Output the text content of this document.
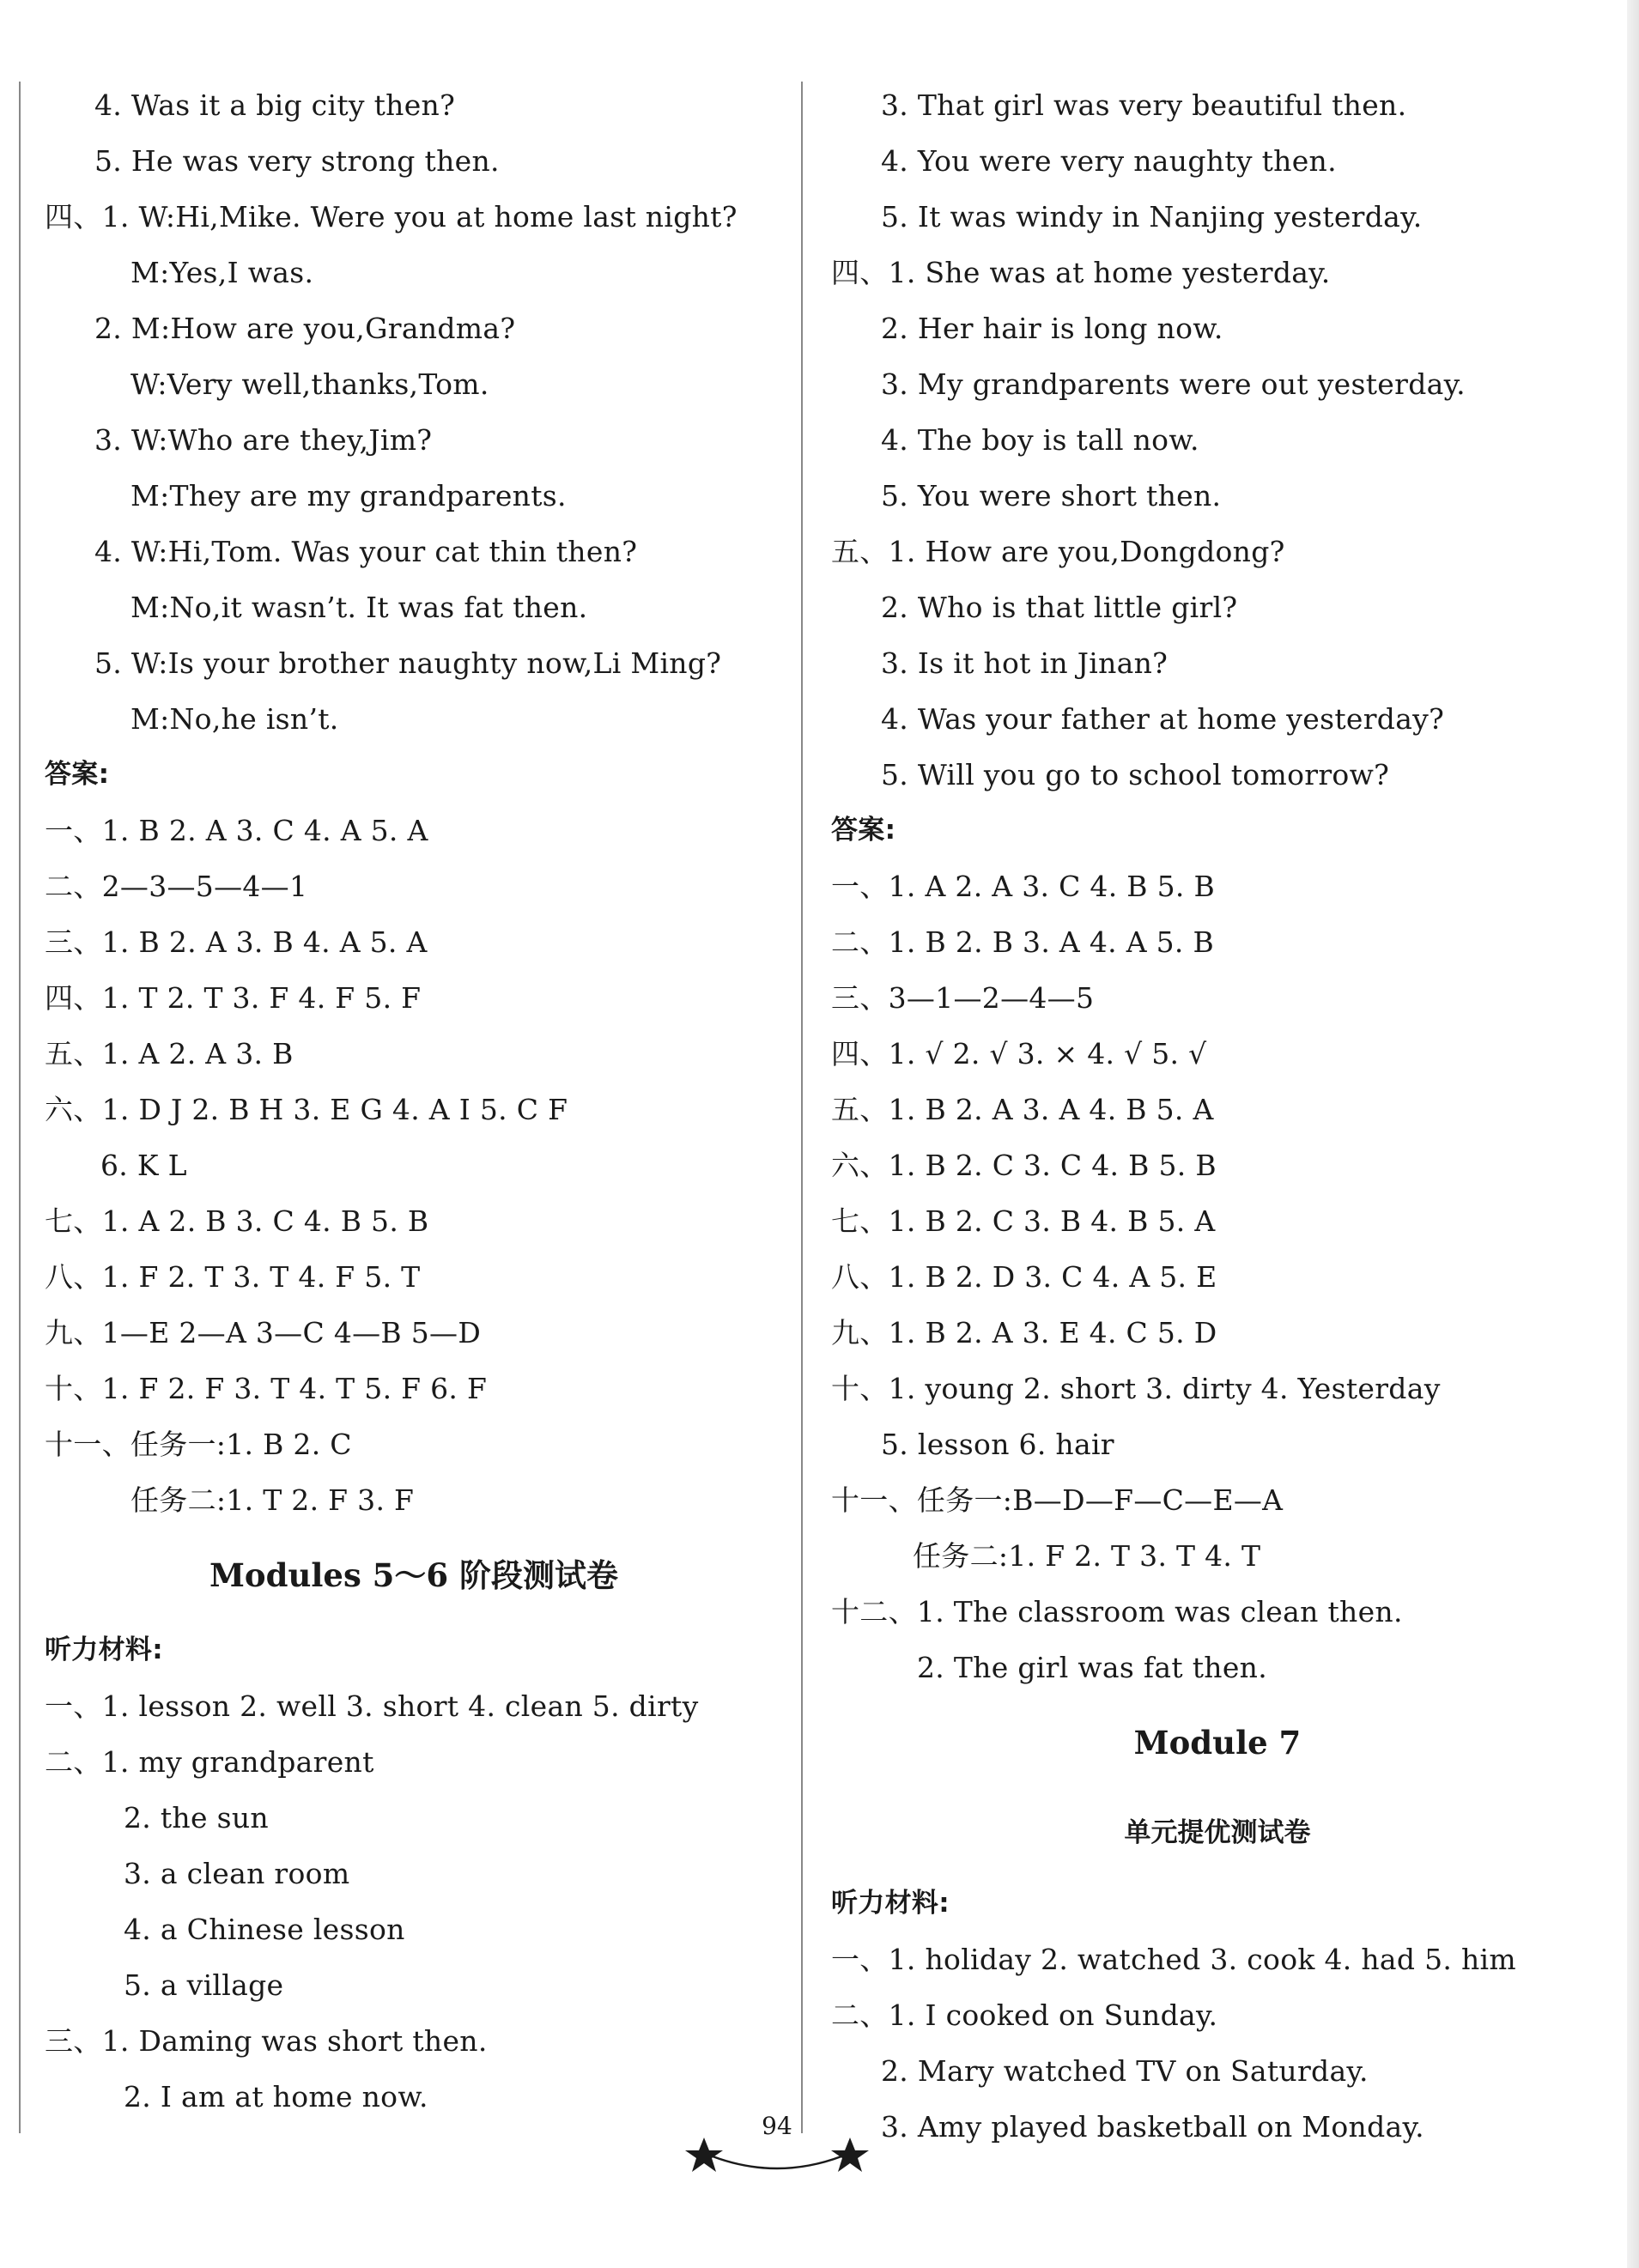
4. Was it a big city then?
5. He was very strong then.
四、1. W:Hi,Mike. Were you at home last night?
M:Yes,I was.
2. M:How are you,Grandma?
W:Very well,thanks,Tom.
3. W:Who are they,Jim?
M:They are my grandparents.
4. W:Hi,Tom. Was your cat thin then?
M:No,it wasn’t. It was fat then.
5. W:Is your brother naughty now,Li Ming?
M:No,he isn’t.
答案:
一、1. B 2. A 3. C 4. A 5. A
二、2—3—5—4—1
三、1. B 2. A 3. B 4. A 5. A
四、1. T 2. T 3. F 4. F 5. F
五、1. A 2. A 3. B
六、1. D J 2. B H 3. E G 4. A I 5. C F
6. K L
七、1. A 2. B 3. C 4. B 5. B
八、1. F 2. T 3. T 4. F 5. T
九、1—E 2—A 3—C 4—B 5—D
十、1. F 2. F 3. T 4. T 5. F 6. F
十一、任务一:1. B 2. C
任务二:1. T 2. F 3. F
Modules 5～6 阶段测试卷
听力材料:
一、1. lesson 2. well 3. short 4. clean 5. dirty
二、1. my grandparent
2. the sun
3. a clean room
4. a Chinese lesson
5. a village
三、1. Daming was short then.
2. I am at home now.
3. That girl was very beautiful then.
4. You were very naughty then.
5. It was windy in Nanjing yesterday.
四、1. She was at home yesterday.
2. Her hair is long now.
3. My grandparents were out yesterday.
4. The boy is tall now.
5. You were short then.
五、1. How are you,Dongdong?
2. Who is that little girl?
3. Is it hot in Jinan?
4. Was your father at home yesterday?
5. Will you go to school tomorrow?
答案:
一、1. A 2. A 3. C 4. B 5. B
二、1. B 2. B 3. A 4. A 5. B
三、3—1—2—4—5
四、1. √ 2. √ 3. × 4. √ 5. √
五、1. B 2. A 3. A 4. B 5. A
六、1. B 2. C 3. C 4. B 5. B
七、1. B 2. C 3. B 4. B 5. A
八、1. B 2. D 3. C 4. A 5. E
九、1. B 2. A 3. E 4. C 5. D
十、1. young 2. short 3. dirty 4. Yesterday
5. lesson 6. hair
十一、任务一:B—D—F—C—E—A
任务二:1. F 2. T 3. T 4. T
十二、1. The classroom was clean then.
2. The girl was fat then.
Module 7
单元提优测试卷
听力材料:
一、1. holiday 2. watched 3. cook 4. had 5. him
二、1. I cooked on Sunday.
2. Mary watched TV on Saturday.
3. Amy played basketball on Monday.
94
